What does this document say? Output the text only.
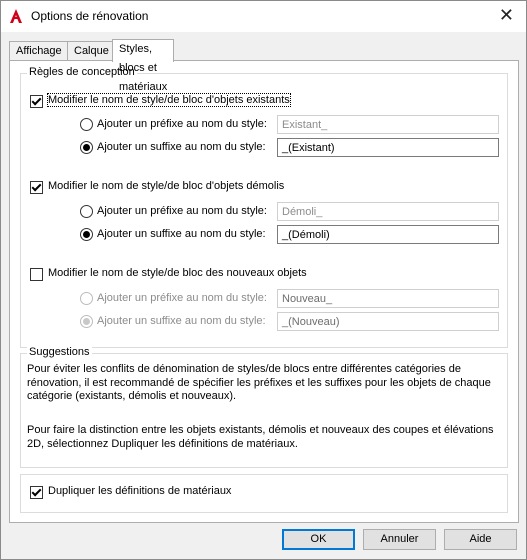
Options de rénovation	✕
Affichage	Calque Styles, blocs et matériaux
Règles de conception
Modifier le nom de style/de bloc d'objets existants
Ajouter un préfixe au nom du style:	Existant_
Ajouter un suffixe au nom du style:	_(Existant)
Modifier le nom de style/de bloc d'objets démolis
Ajouter un préfixe au nom du style:	Démoli_
Ajouter un suffixe au nom du style:	_(Démoli)
Modifier le nom de style/de bloc des nouveaux objets
Ajouter un préfixe au nom du style:	Nouveau_
Ajouter un suffixe au nom du style:	_(Nouveau)
Suggestions
Pour éviter les conflits de dénomination de styles/de blocs entre différentes catégories de
rénovation, il est recommandé de spécifier les préfixes et les suffixes pour les objets de chaque
catégorie (existants, démolis et nouveaux).
Pour faire la distinction entre les objets existants, démolis et nouveaux des coupes et élévations
2D, sélectionnez Dupliquer les définitions de matériaux.
Dupliquer les définitions de matériaux
OK	Annuler	Aide
